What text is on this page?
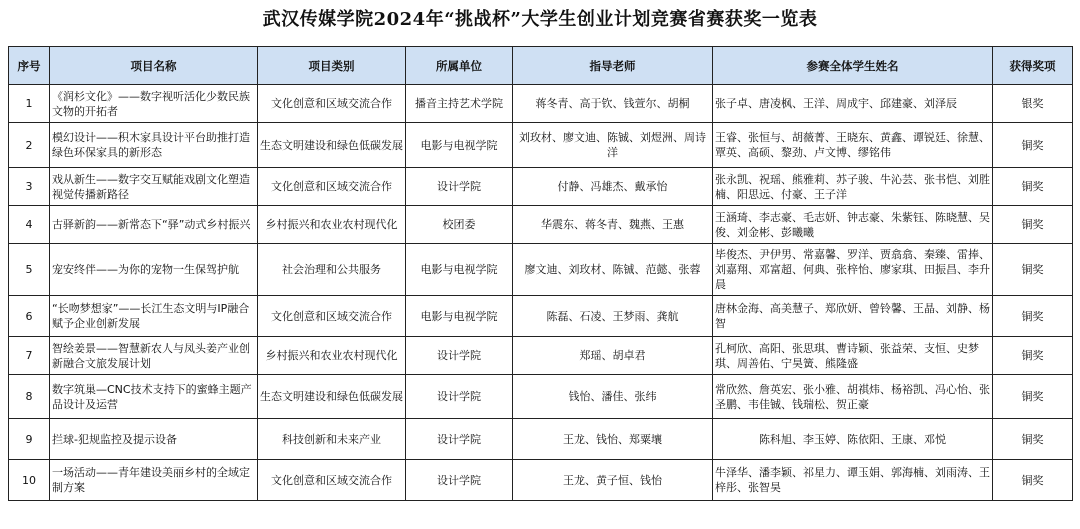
武汉传媒学院2024年“挑战杯”大学生创业计划竞赛省赛获奖一览表
序号	项目名称	项目类别	所属单位	指导老师	参赛全体学生姓名	获得奖项
1	《润杉文化》——数字视听活化少数民族文物的开拓者	文化创意和区域交流合作	播音主持艺术学院	蒋冬青、高于钦、钱萱尔、胡桐	张子卓、唐凌枫、王洋、周成宇、邱建豪、刘泽辰	银奖
2	模幻设计——积木家具设计平台助推打造绿色环保家具的新形态	生态文明建设和绿色低碳发展	电影与电视学院	刘玫材、廖文迪、陈铖、刘煜洲、周诗洋	王睿、张恒与、胡薇菁、王晓东、黄鑫、谭锐廷、徐慧、覃英、高硕、黎劲、卢文博、缪铭伟	铜奖
3	戏从新生——数字交互赋能戏剧文化塑造视觉传播新路径	文化创意和区域交流合作	设计学院	付静、冯雄杰、戴承怡	张永凯、祝瑶、熊雅莉、苏子骏、牛沁芸、张书恺、刘胜楠、阳思远、付豪、王子洋	铜奖
4	古驿新韵——新常态下“驿”动式乡村振兴	乡村振兴和农业农村现代化	校团委	华震东、蒋冬青、魏燕、王惠	王涵琦、李志豪、毛志妍、钟志豪、朱紫钰、陈晓慧、吴俊、刘金彬、彭曦曦	铜奖
5	宠安终伴——为你的宠物一生保驾护航	社会治理和公共服务	电影与电视学院	廖文迪、刘玫材、陈铖、范懿、张蓉	毕俊杰、尹伊男、常嘉馨、罗洋、贾翕翕、秦臻、雷捧、刘嘉翔、邓富超、何典、张梓怡、廖家琪、田振昌、李升晨	铜奖
6	“长吻梦想家”——长江生态文明与IP融合赋予企业创新发展	文化创意和区域交流合作	电影与电视学院	陈磊、石凌、王梦雨、龚航	唐林金海、高美慧子、郑欣妍、曾铃馨、王晶、刘静、杨智	铜奖
7	智绘姜景——智慧新农人与凤头姜产业创新融合文旅发展计划	乡村振兴和农业农村现代化	设计学院	郑瑶、胡卓君	孔柯欣、高阳、张思琪、曹诗颖、张益荣、支恒、史梦琪、周善佑、宁昊簧、熊隆盛	铜奖
8	数字筑巢—CNC技术支持下的蜜蜂主题产品设计及运营	生态文明建设和绿色低碳发展	设计学院	钱怡、潘佳、张纬	常欣然、詹英宏、张小雅、胡祺炜、杨裕凯、冯心怡、张圣鹏、韦佳铖、钱瑞松、贺正豪	铜奖
9	拦球-犯规监控及提示设备	科技创新和未来产业	设计学院	王龙、钱怡、郑粟壤	陈科旭、李玉婷、陈依阳、王康、邓悦	铜奖
10	一场活动——青年建设美丽乡村的全域定制方案	文化创意和区域交流合作	设计学院	王龙、黄子恒、钱怡	牛泽华、潘李颖、祁星力、谭玉娟、郭海楠、刘雨涛、王梓彤、张智昊	铜奖
